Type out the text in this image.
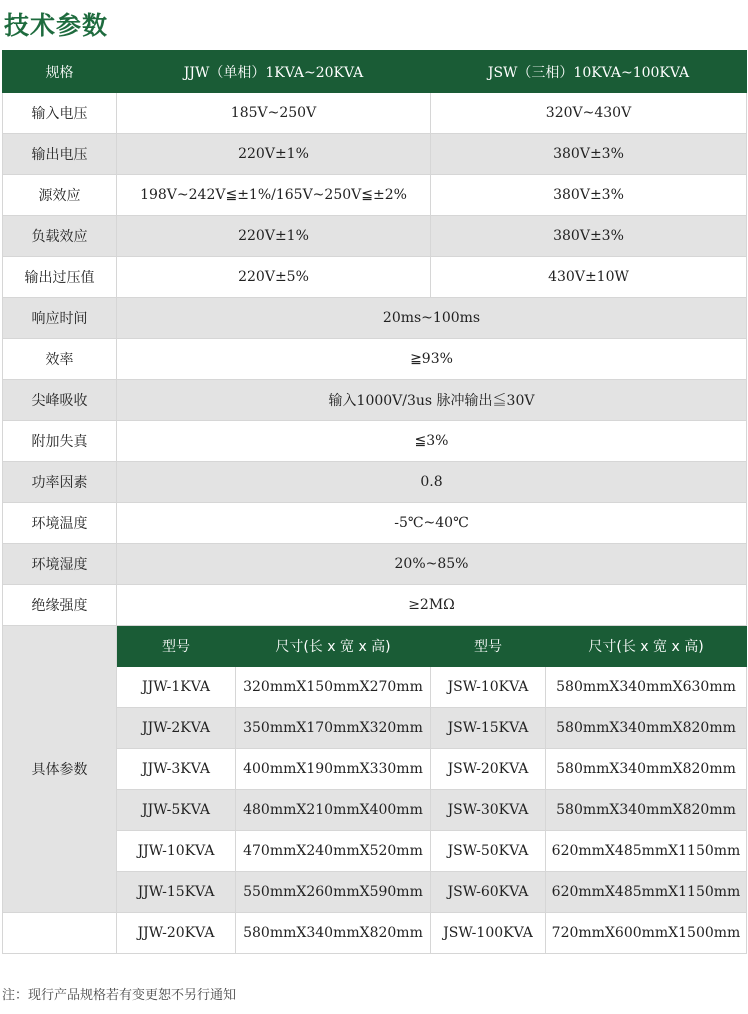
技术参数
规格	JJW（单相）1KVA~20KVA		JSW（三相）10KVA~100KVA	
输入电压	185V~250V		320V~430V	
输出电压	220V±1%		380V±3%	
源效应	198V~242V≦±1%/165V~250V≦±2%		380V±3%	
负载效应	220V±1%		380V±3%	
输出过压值	220V±5%		430V±10W	
响应时间	20ms~100ms			
效率	≧93%			
尖峰吸收	输入1000V/3us 脉冲输出≦30V			
附加失真	≦3%			
功率因素	0.8			
环境温度	-5℃~40℃			
环境湿度	20%~85%			
绝缘强度	≥2MΩ			
具体参数	型号	尺寸(长 x 宽 x 高)	型号	尺寸(长 x 宽 x 高)
	JJW-1KVA	320mmX150mmX270mm	JSW-10KVA	580mmX340mmX630mm
	JJW-2KVA	350mmX170mmX320mm	JSW-15KVA	580mmX340mmX820mm
	JJW-3KVA	400mmX190mmX330mm	JSW-20KVA	580mmX340mmX820mm
	JJW-5KVA	480mmX210mmX400mm	JSW-30KVA	580mmX340mmX820mm
	JJW-10KVA	470mmX240mmX520mm	JSW-50KVA	620mmX485mmX1150mm
	JJW-15KVA	550mmX260mmX590mm	JSW-60KVA	620mmX485mmX1150mm
	JJW-20KVA	580mmX340mmX820mm	JSW-100KVA	720mmX600mmX1500mm
注：现行产品规格若有变更恕不另行通知
